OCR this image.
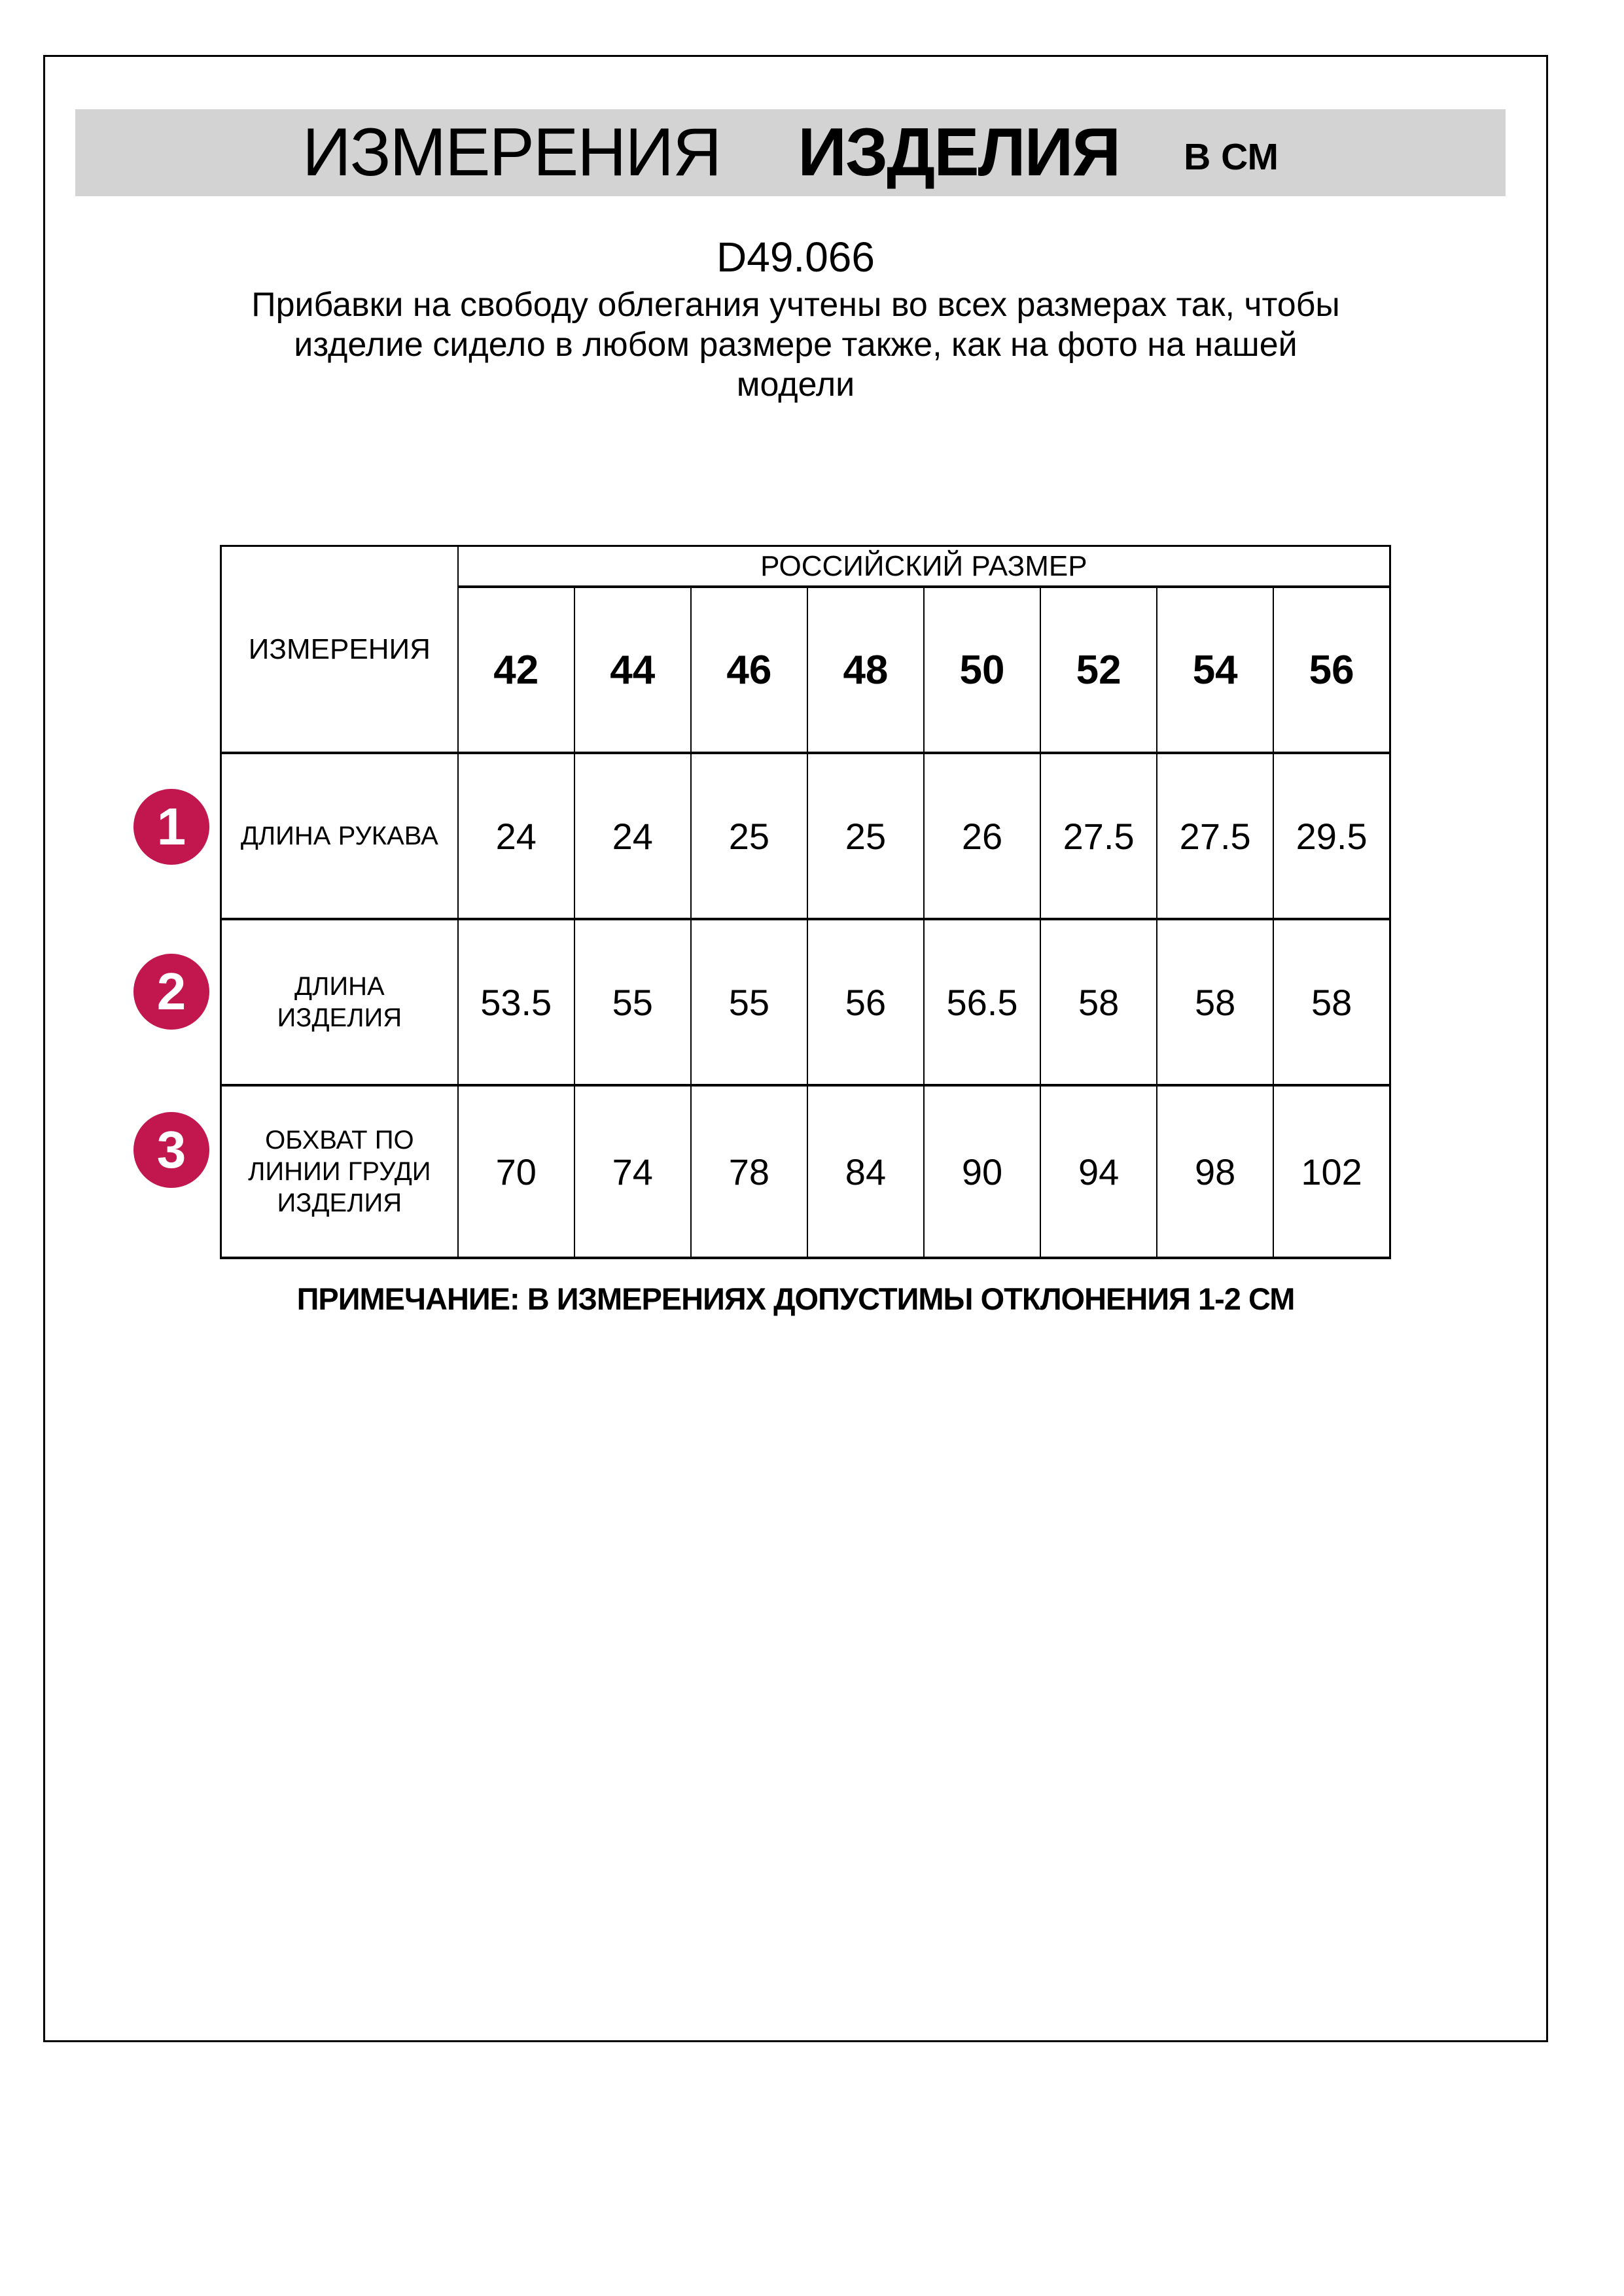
ИЗМЕРЕНИЯ ИЗДЕЛИЯ В СМ
D49.066
Прибавки на свободу облегания учтены во всех размерах так, чтобы
изделие сидело в любом размере также, как на фото на нашей
модели
ИЗМЕРЕНИЯ	РОССИЙСКИЙ РАЗМЕР							
	42	44	46	48	50	52	54	56

ДЛИНА РУКАВА	24	24	25	25	26	27.5	27.5	29.5

ДЛИНА
ИЗДЕЛИЯ	53.5	55	55	56	56.5	58	58	58

ОБХВАТ ПО
ЛИНИИ ГРУДИ
ИЗДЕЛИЯ	70	74	78	84	90	94	98	102
1
2
3
ПРИМЕЧАНИЕ: В ИЗМЕРЕНИЯХ ДОПУСТИМЫ ОТКЛОНЕНИЯ 1-2 СМ
